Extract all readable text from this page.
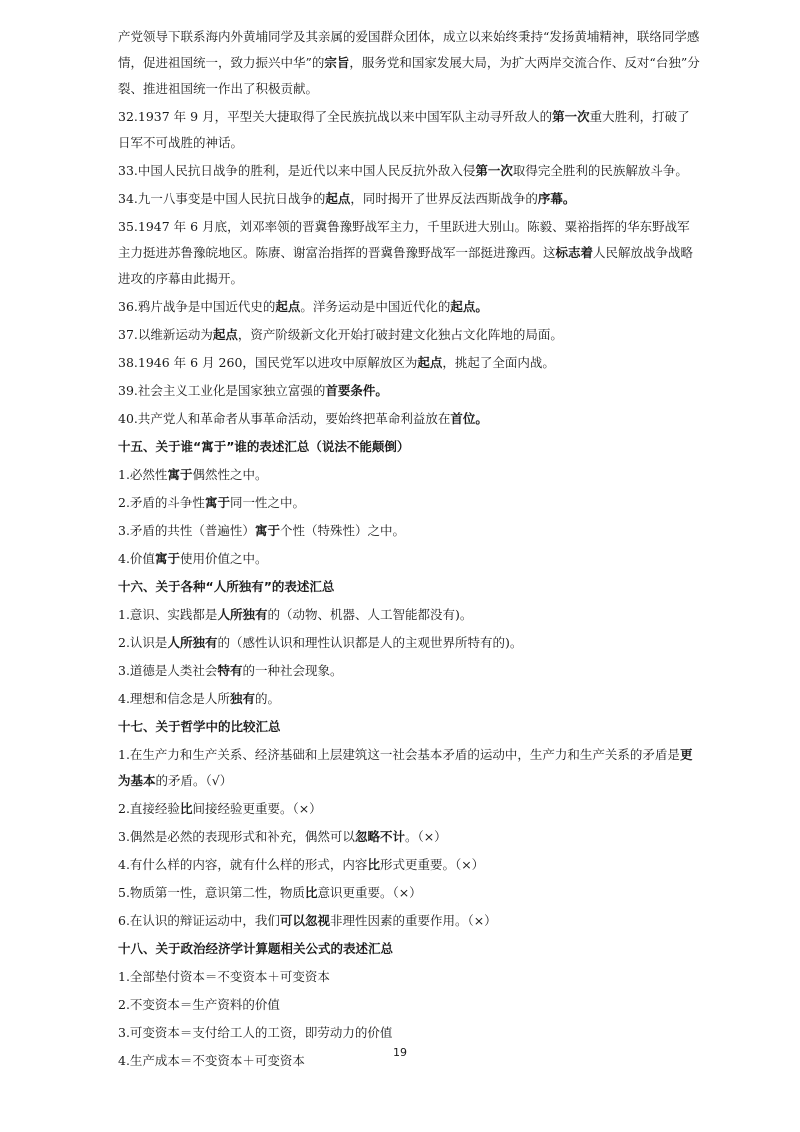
产党领导下联系海内外黄埔同学及其亲属的爱国群众团体，成立以来始终秉持“发扬黄埔精神，联络同学感情，促进祖国统一，致力振兴中华”的宗旨，服务党和国家发展大局，为扩大两岸交流合作、反对“台独”分裂、推进祖国统一作出了积极贡献。

32.1937 年 9 月，平型关大捷取得了全民族抗战以来中国军队主动寻歼敌人的第一次重大胜利，打破了日军不可战胜的神话。

33.中国人民抗日战争的胜利，是近代以来中国人民反抗外敌入侵第一次取得完全胜利的民族解放斗争。

34.九一八事变是中国人民抗日战争的起点，同时揭开了世界反法西斯战争的序幕。

35.1947 年 6 月底，刘邓率领的晋冀鲁豫野战军主力，千里跃进大别山。陈毅、粟裕指挥的华东野战军主力挺进苏鲁豫皖地区。陈赓、谢富治指挥的晋冀鲁豫野战军一部挺进豫西。这标志着人民解放战争战略进攻的序幕由此揭开。

36.鸦片战争是中国近代史的起点。洋务运动是中国近代化的起点。

37.以维新运动为起点，资产阶级新文化开始打破封建文化独占文化阵地的局面。

38.1946 年 6 月 260，国民党军以进攻中原解放区为起点，挑起了全面内战。

39.社会主义工业化是国家独立富强的首要条件。

40.共产党人和革命者从事革命活动，要始终把革命利益放在首位。

十五、关于谁“寓于”谁的表述汇总（说法不能颠倒）

1.必然性寓于偶然性之中。

2.矛盾的斗争性寓于同一性之中。

3.矛盾的共性（普遍性）寓于个性（特殊性）之中。

4.价值寓于使用价值之中。

十六、关于各种“人所独有”的表述汇总

1.意识、实践都是人所独有的（动物、机器、人工智能都没有)。

2.认识是人所独有的（感性认识和理性认识都是人的主观世界所特有的)。

3.道德是人类社会特有的一种社会现象。

4.理想和信念是人所独有的。

十七、关于哲学中的比较汇总

1.在生产力和生产关系、经济基础和上层建筑这一社会基本矛盾的运动中，生产力和生产关系的矛盾是更为基本的矛盾。（√）

2.直接经验比间接经验更重要。（×）

3.偶然是必然的表现形式和补充，偶然可以忽略不计。（×）

4.有什么样的内容，就有什么样的形式，内容比形式更重要。（×）

5.物质第一性，意识第二性，物质比意识更重要。（×）

6.在认识的辩证运动中，我们可以忽视非理性因素的重要作用。（×）

十八、关于政治经济学计算题相关公式的表述汇总

1.全部垫付资本＝不变资本＋可变资本

2.不变资本＝生产资料的价值

3.可变资本＝支付给工人的工资，即劳动力的价值

4.生产成本＝不变资本＋可变资本

19
